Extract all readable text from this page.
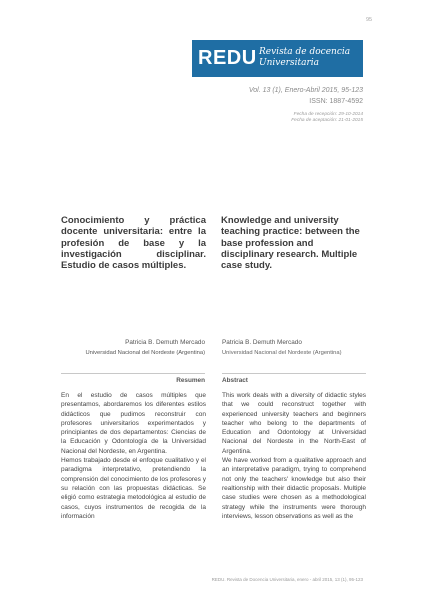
95
REDU Revista de docencia
Universitaria
Vol. 13 (1), Enero-Abril 2015, 95-123
ISSN: 1887-4592
Fecha de recepción: 29-10-2014
Fecha de aceptación: 21-01-2015
Conocimiento y práctica docente universitaria: entre la profesión de base y la investigación disciplinar. Estudio de casos múltiples.
Knowledge and university teaching practice: between the base profession and disciplinary research. Multiple case study.
Patricia B. Demuth Mercado
Universidad Nacional del Nordeste (Argentina)
Patricia B. Demuth Mercado
Universidad Nacional del Nordeste (Argentina)
Resumen	Abstract

En el estudio de casos múltiples que presentamos, abordaremos los diferentes estilos didácticos que pudimos reconstruir con profesores universitarios experimentados y principiantes de dos departamentos: Ciencias de la Educación y Odontología de la Universidad Nacional del Nordeste, en Argentina.

Hemos trabajado desde el enfoque cualitativo y el paradigma interpretativo, pretendiendo la comprensión del conocimiento de los profesores y su relación con las propuestas didácticas. Se eligió como estrategia metodológica al estudio de casos, cuyos instrumentos de recogida de la información

This work deals with a diversity of didactic styles that we could reconstruct together with experienced university teachers and beginners teacher who belong to the departments of Education and Odontology at Universidad Nacional del Nordeste in the North-East of Argentina.

We have worked from a qualitative approach and an interpretative paradigm, trying to comprehend not only the teachers' knowledge but also their realtionship with their didactic proposals. Multiple case studies were chosen as a methodological strategy while the instruments were thorough interviews, lesson observations as well as the

REDU. Revista de Docencia Universitaria, enero - abril 2015, 13 (1), 95-123
